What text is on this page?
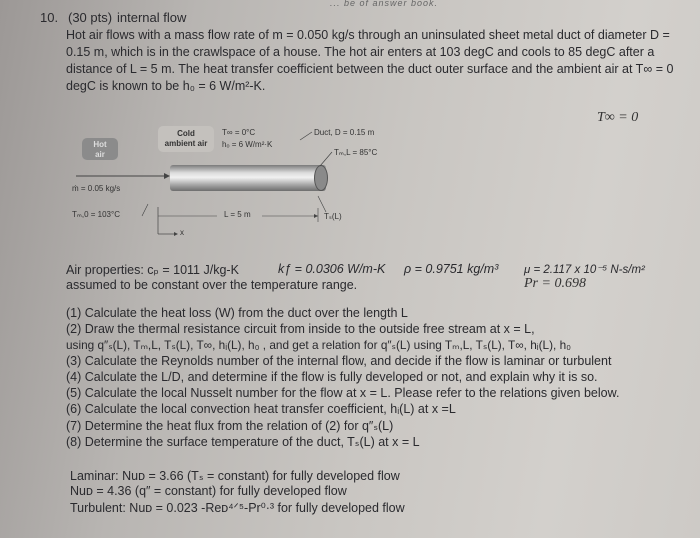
... be of answer book.
10. (30 pts) internal flow
Hot air flows with a mass flow rate of m = 0.050 kg/s through an uninsulated sheet metal duct of diameter D =
0.15 m, which is in the crawlspace of a house. The hot air enters at 103 degC and cools to 85 degC after a
distance of L = 5 m. The heat transfer coefficient between the duct outer surface and the ambient air at T∞ = 0
degC is known to be h₀ = 6 W/m²-K.
T∞ = 0
Hot
air
Cold
ambient air
T∞ = 0°C
hₒ = 6 W/m²·K
Duct, D = 0.15 m
Tₘ,L = 85°C
ṁ = 0.05 kg/s
Tₘ,0 = 103°C	L = 5 m	Tₛ(L)
x
Air properties: cₚ = 1011 J/kg-K	kƒ = 0.0306 W/m-K ρ = 0.9751 kg/m³ μ = 2.117 x 10⁻⁵ N-s/m²
assumed to be constant over the temperature range.	Pr = 0.698
(1) Calculate the heat loss (W) from the duct over the length L
(2) Draw the thermal resistance circuit from inside to the outside free stream at x = L,
using q″ₛ(L), Tₘ,L, Tₛ(L), T∞, hᵢ(L), h₀ , and get a relation for q″ₛ(L) using Tₘ,L, Tₛ(L), T∞, hᵢ(L), h₀
(3) Calculate the Reynolds number of the internal flow, and decide if the flow is laminar or turbulent
(4) Calculate the L/D, and determine if the flow is fully developed or not, and explain why it is so.
(5) Calculate the local Nusselt number for the flow at x = L. Please refer to the relations given below.
(6) Calculate the local convection heat transfer coefficient, hᵢ(L) at x =L
(7) Determine the heat flux from the relation of (2) for q″ₛ(L)
(8) Determine the surface temperature of the duct, Tₛ(L) at x = L
Laminar: Nuᴅ = 3.66 (Tₛ = constant) for fully developed flow
Nuᴅ = 4.36 (q″ = constant) for fully developed flow
Turbulent: Nuᴅ = 0.023 -Reᴅ⁴ᐟ⁵-Pr⁰·³ for fully developed flow
